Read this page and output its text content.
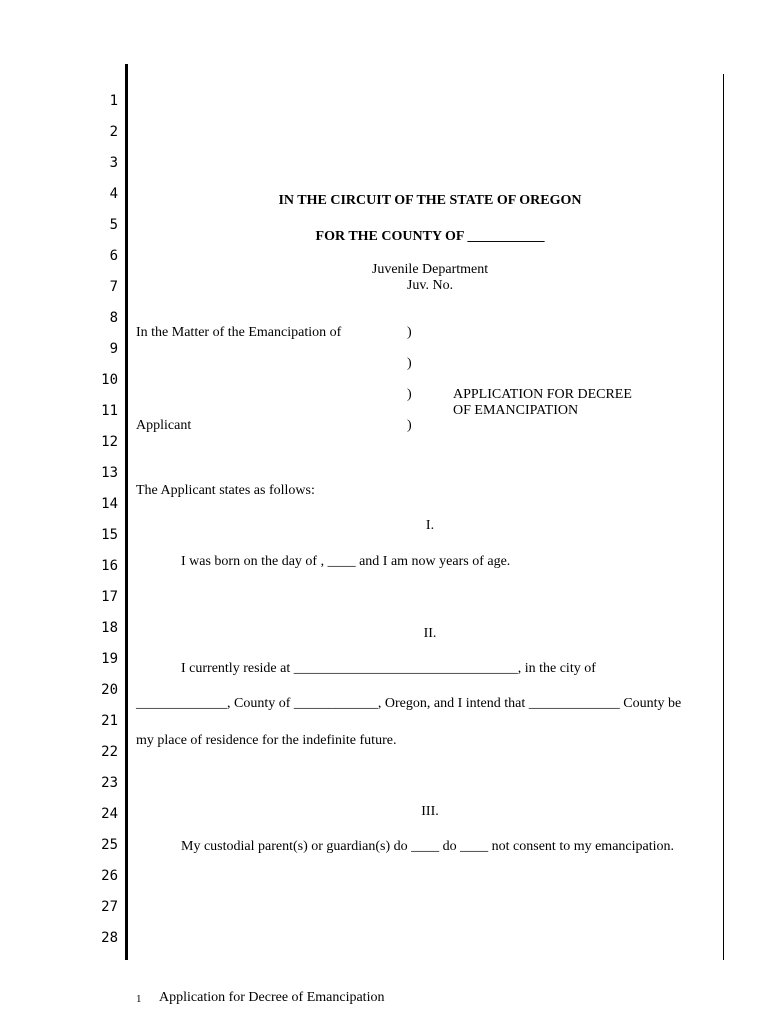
1
2
3
4
5
6
7
8
9
10
11
12
13
14
15
16
17
18
19
20
21
22
23
24
25
26
27
28
IN THE CIRCUIT OF THE STATE OF OREGON
FOR THE COUNTY OF ___________
Juvenile Department
Juv. No.
In the Matter of the Emancipation of	)
)
)	APPLICATION FOR DECREE
OF EMANCIPATION
Applicant	)
The Applicant states as follows:
I.
I was born on the day of , ____ and I am now years of age.
II.
I currently reside at ________________________________, in the city of
_____________, County of ____________, Oregon, and I intend that _____________ County be
my place of residence for the indefinite future.
III.
My custodial parent(s) or guardian(s) do ____ do ____ not consent to my emancipation.
1 Application for Decree of Emancipation
